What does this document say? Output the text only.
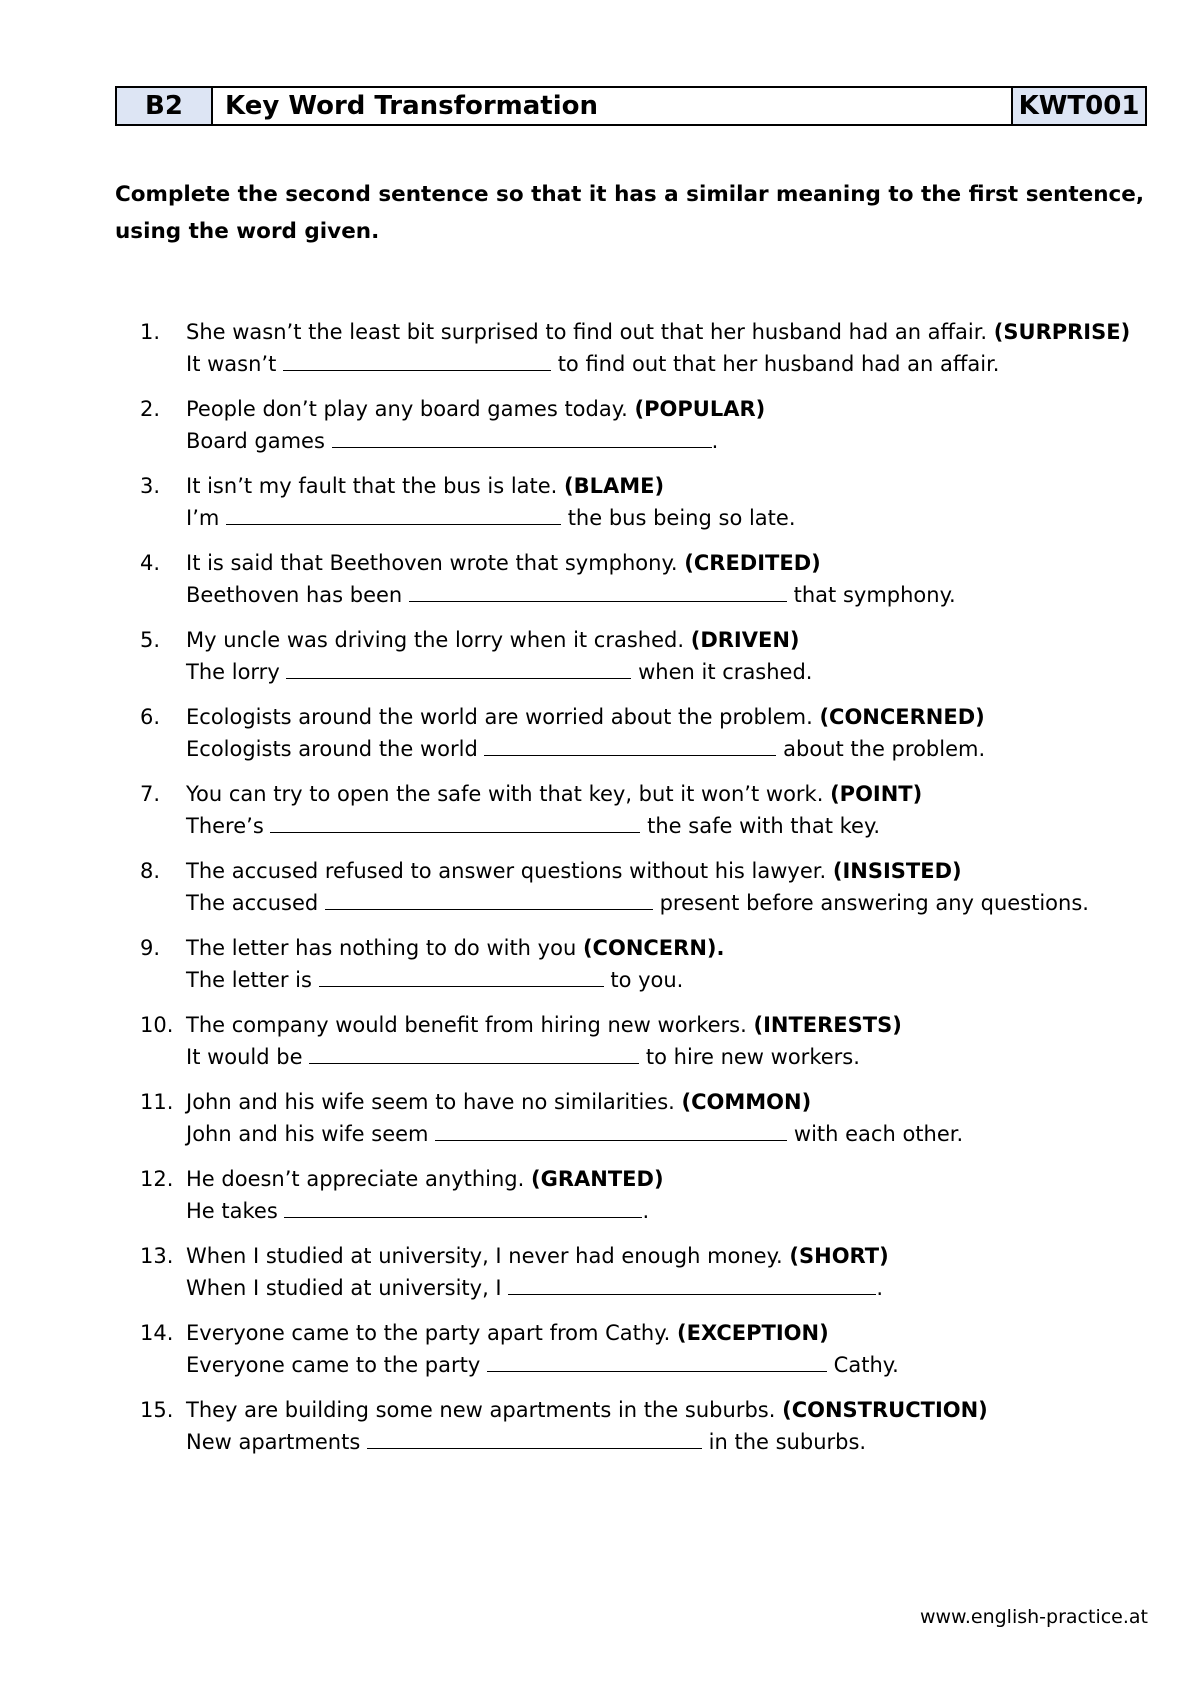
B2	Key Word Transformation	KWT001
Complete the second sentence so that it has a similar meaning to the first sentence, using the word given.
1.	She wasn’t the least bit surprised to find out that her husband had an affair. (SURPRISE)
It wasn’t	to find out that her husband had an affair.
2.	People don’t play any board games today. (POPULAR)
Board games	.
3.	It isn’t my fault that the bus is late. (BLAME)
I’m	the bus being so late.
4.	It is said that Beethoven wrote that symphony. (CREDITED)
Beethoven has been	that symphony.
5.	My uncle was driving the lorry when it crashed. (DRIVEN)
The lorry	when it crashed.
6.	Ecologists around the world are worried about the problem. (CONCERNED)
Ecologists around the world	about the problem.
7.	You can try to open the safe with that key, but it won’t work. (POINT)
There’s	the safe with that key.
8.	The accused refused to answer questions without his lawyer. (INSISTED)
The accused	present before answering any questions.
9.	The letter has nothing to do with you (CONCERN).
The letter is	to you.
10. The company would benefit from hiring new workers. (INTERESTS)
It would be	to hire new workers.
11. John and his wife seem to have no similarities. (COMMON)
John and his wife seem	with each other.
12. He doesn’t appreciate anything. (GRANTED)
He takes	.
13. When I studied at university, I never had enough money. (SHORT)
When I studied at university, I	.
14. Everyone came to the party apart from Cathy. (EXCEPTION)
Everyone came to the party	Cathy.
15. They are building some new apartments in the suburbs. (CONSTRUCTION)
New apartments	in the suburbs.
www.english-practice.at
